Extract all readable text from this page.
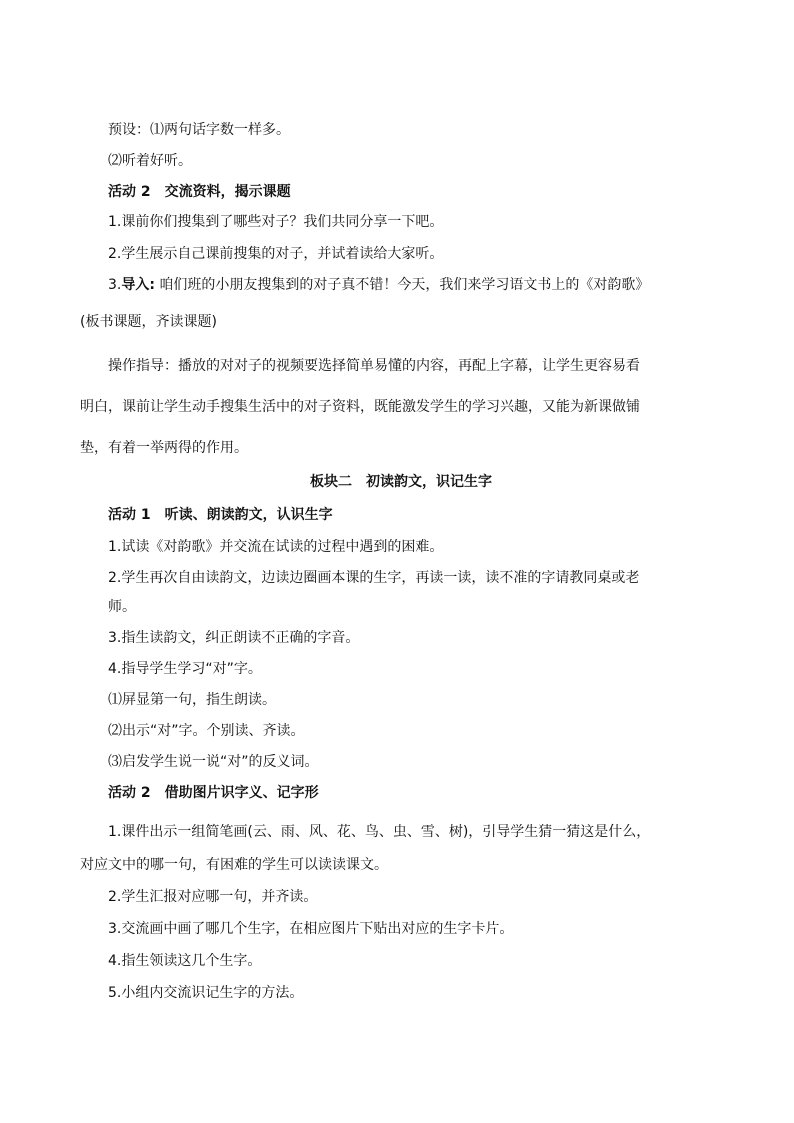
预设：⑴两句话字数一样多。
⑵听着好听。
活动 2 交流资料，揭示课题
1.课前你们搜集到了哪些对子？我们共同分享一下吧。
2.学生展示自己课前搜集的对子，并试着读给大家听。
3.导入: 咱们班的小朋友搜集到的对子真不错！今天，我们来学习语文书上的《对韵歌》
(板书课题，齐读课题)
操作指导：播放的对对子的视频要选择简单易懂的内容，再配上字幕，让学生更容易看
明白，课前让学生动手搜集生活中的对子资料，既能激发学生的学习兴趣，又能为新课做铺
垫，有着一举两得的作用。
板块二 初读韵文，识记生字
活动 1 听读、朗读韵文，认识生字
1.试读《对韵歌》并交流在试读的过程中遇到的困难。
2.学生再次自由读韵文，边读边圈画本课的生字，再读一读，读不准的字请教同桌或老
师。
3.指生读韵文，纠正朗读不正确的字音。
4.指导学生学习“对”字。
⑴屏显第一句，指生朗读。
⑵出示“对”字。个别读、齐读。
⑶启发学生说一说“对”的反义词。
活动 2 借助图片识字义、记字形
1.课件出示一组简笔画(云、雨、风、花、鸟、虫、雪、树)，引导学生猜一猜这是什么，
对应文中的哪一句，有困难的学生可以读读课文。
2.学生汇报对应哪一句，并齐读。
3.交流画中画了哪几个生字，在相应图片下贴出对应的生字卡片。
4.指生领读这几个生字。
5.小组内交流识记生字的方法。
